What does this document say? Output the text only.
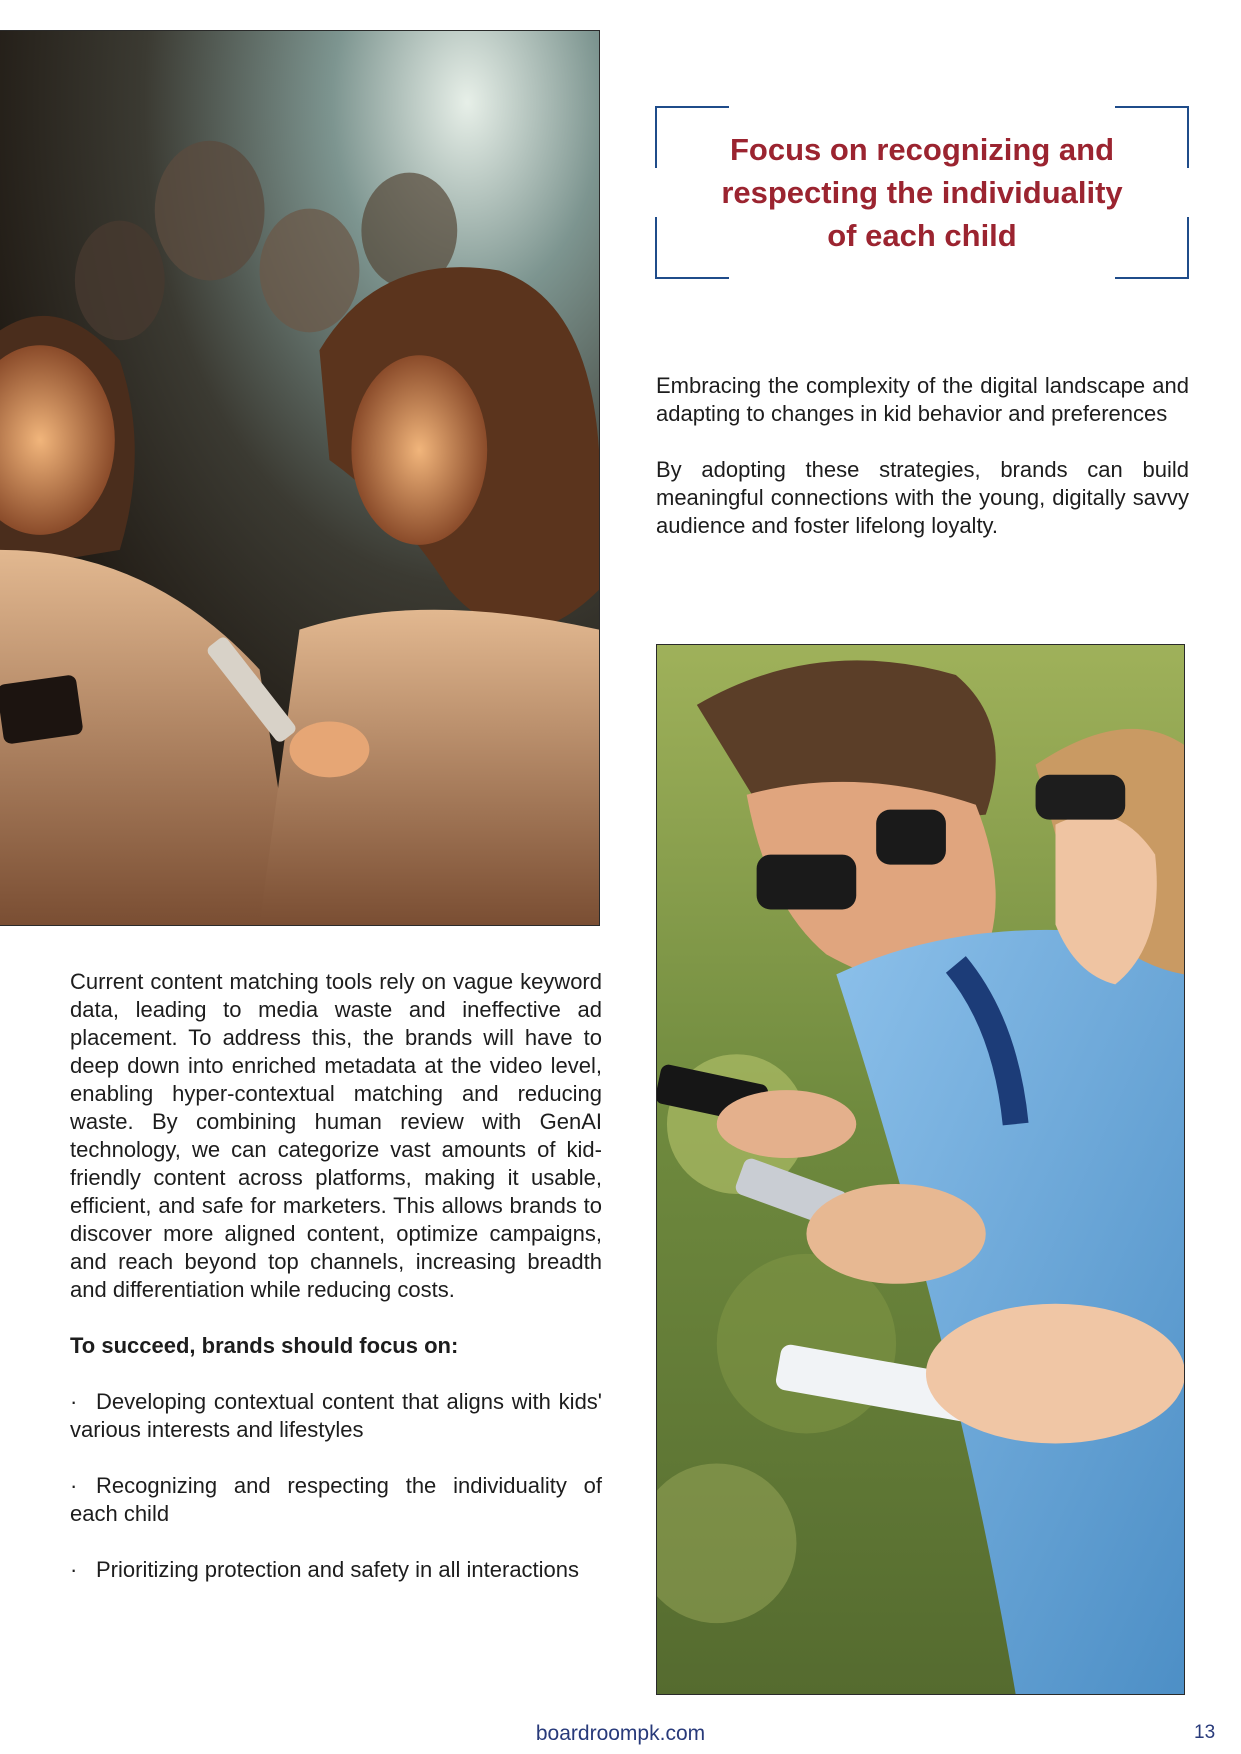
Focus on recognizing and
respecting the individuality
of each child

Embracing the complexity of the digital landscape and adapting to changes in kid behavior and preferences

By adopting these strategies, brands can build meaningful connections with the young, digitally savvy audience and foster lifelong loyalty.

Current content matching tools rely on vague keyword data, leading to media waste and ineffective ad placement. To address this, the brands will have to deep down into enriched metadata at the video level, enabling hyper-contextual matching and reducing waste. By combining human review with GenAI technology, we can categorize vast amounts of kid-friendly content across platforms, making it usable, efficient, and safe for marketers. This allows brands to discover more aligned content, optimize campaigns, and reach beyond top channels, increasing breadth and differentiation while reducing costs.

To succeed, brands should focus on:

· Developing contextual content that aligns with kids' various interests and lifestyles

· Recognizing and respecting the individuality of each child

· Prioritizing protection and safety in all interactions

boardroompk.com	13
